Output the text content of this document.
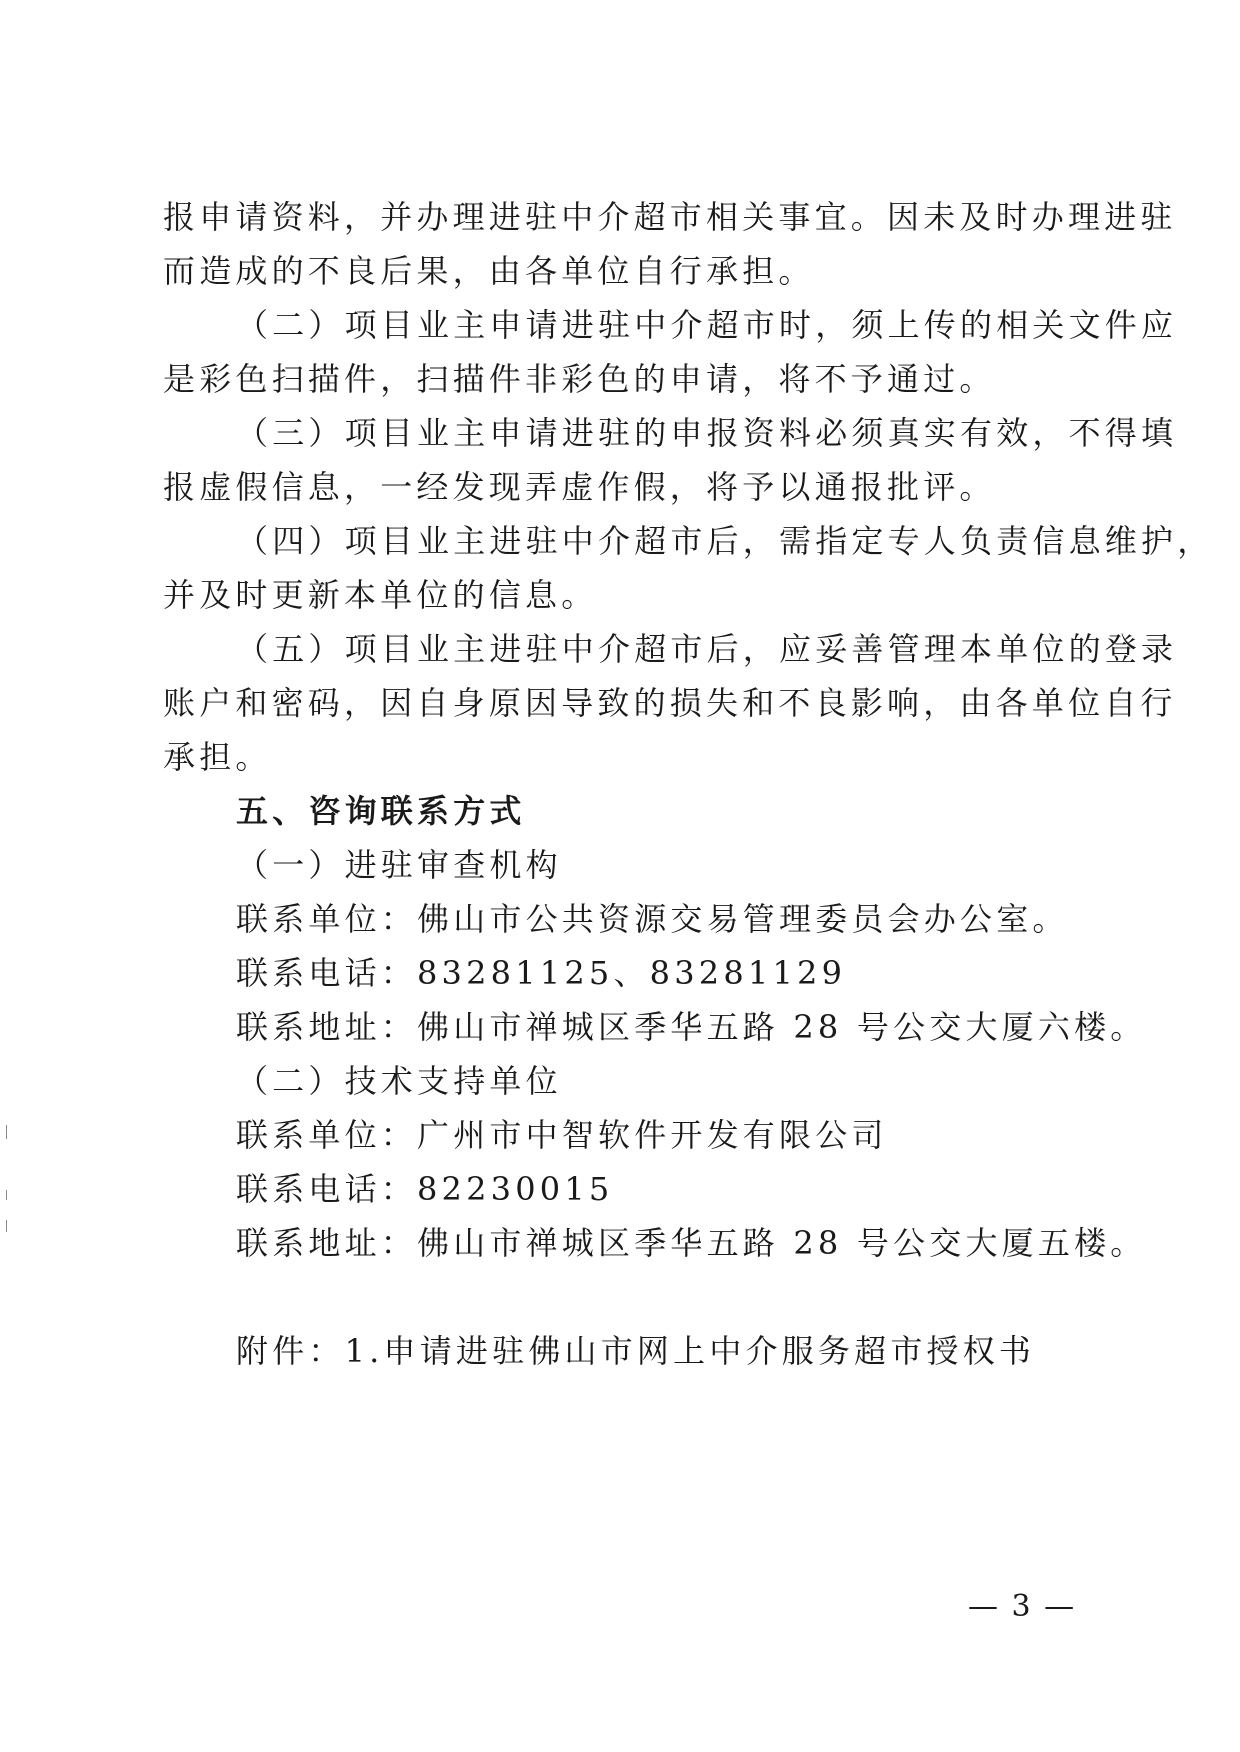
报申请资料，并办理进驻中介超市相关事宜。因未及时办理进驻
而造成的不良后果，由各单位自行承担。
（二）项目业主申请进驻中介超市时，须上传的相关文件应
是彩色扫描件，扫描件非彩色的申请，将不予通过。
（三）项目业主申请进驻的申报资料必须真实有效，不得填
报虚假信息，一经发现弄虚作假，将予以通报批评。
（四）项目业主进驻中介超市后，需指定专人负责信息维护，
并及时更新本单位的信息。
（五）项目业主进驻中介超市后，应妥善管理本单位的登录
账户和密码，因自身原因导致的损失和不良影响，由各单位自行
承担。
五、咨询联系方式
（一）进驻审查机构
联系单位：佛山市公共资源交易管理委员会办公室。
联系电话：83281125、83281129
联系地址：佛山市禅城区季华五路 28 号公交大厦六楼。
（二）技术支持单位
联系单位：广州市中智软件开发有限公司
联系电话：82230015
联系地址：佛山市禅城区季华五路 28 号公交大厦五楼。
附件：1.申请进驻佛山市网上中介服务超市授权书
— 3 —
